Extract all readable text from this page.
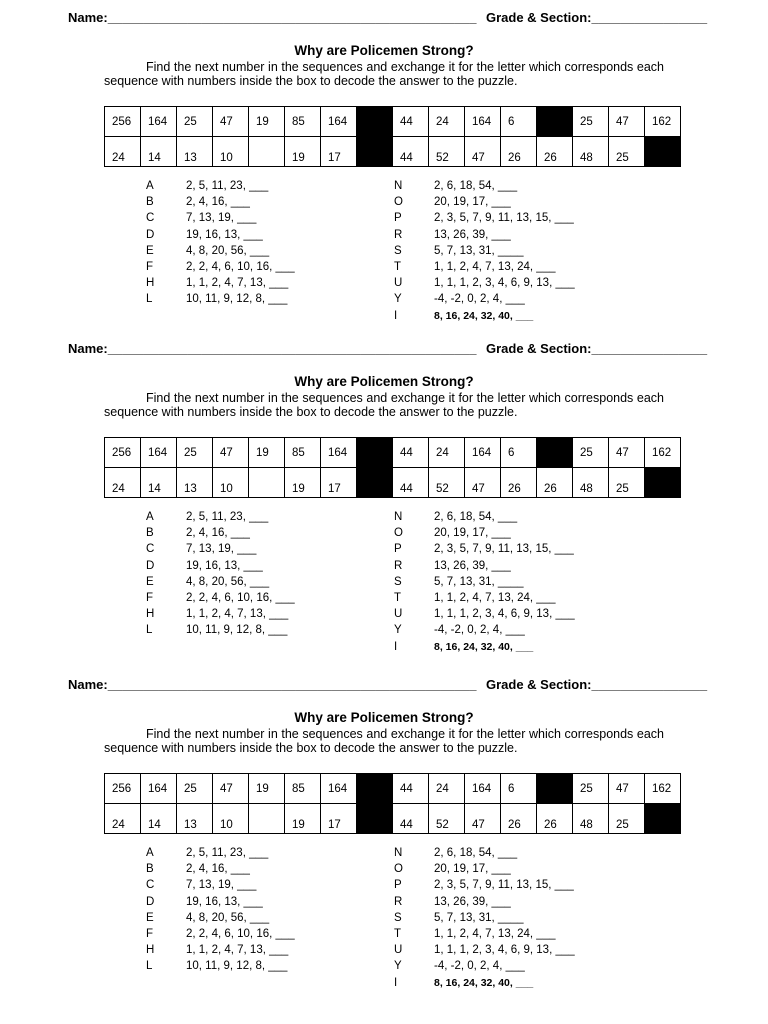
Name:___________________________________________________ Grade & Section:________________
Why are Policemen Strong?
Find the next number in the sequences and exchange it for the letter which corresponds each sequence with numbers inside the box to decode the answer to the puzzle.
256	164	25	47	19	85	164		44	24	164	6		25	47	162

24	14	13	10		19	17		44	52	47	26	26	48	25	

A	2, 5, 11, 23, ___
B	2, 4, 16, ___
C	7, 13, 19, ___
D	19, 16, 13, ___
E	4, 8, 20, 56, ___
F	2, 2, 4, 6, 10, 16, ___
H	1, 1, 2, 4, 7, 13, ___
L	10, 11, 9, 12, 8, ___
N	2, 6, 18, 54, ___
O	20, 19, 17, ___
P	2, 3, 5, 7, 9, 11, 13, 15, ___
R	13, 26, 39, ___
S	5, 7, 13, 31, ____
T	1, 1, 2, 4, 7, 13, 24, ___
U	1, 1, 1, 2, 3, 4, 6, 9, 13, ___
Y	-4, -2, 0, 2, 4, ___
I	8, 16, 24, 32, 40, ___
Name:___________________________________________________ Grade & Section:________________
Why are Policemen Strong?
Find the next number in the sequences and exchange it for the letter which corresponds each sequence with numbers inside the box to decode the answer to the puzzle.
256	164	25	47	19	85	164		44	24	164	6		25	47	162

24	14	13	10		19	17		44	52	47	26	26	48	25	

A	2, 5, 11, 23, ___
B	2, 4, 16, ___
C	7, 13, 19, ___
D	19, 16, 13, ___
E	4, 8, 20, 56, ___
F	2, 2, 4, 6, 10, 16, ___
H	1, 1, 2, 4, 7, 13, ___
L	10, 11, 9, 12, 8, ___
N	2, 6, 18, 54, ___
O	20, 19, 17, ___
P	2, 3, 5, 7, 9, 11, 13, 15, ___
R	13, 26, 39, ___
S	5, 7, 13, 31, ____
T	1, 1, 2, 4, 7, 13, 24, ___
U	1, 1, 1, 2, 3, 4, 6, 9, 13, ___
Y	-4, -2, 0, 2, 4, ___
I	8, 16, 24, 32, 40, ___
Name:___________________________________________________ Grade & Section:________________
Why are Policemen Strong?
Find the next number in the sequences and exchange it for the letter which corresponds each sequence with numbers inside the box to decode the answer to the puzzle.
256	164	25	47	19	85	164		44	24	164	6		25	47	162

24	14	13	10		19	17		44	52	47	26	26	48	25	

A	2, 5, 11, 23, ___
B	2, 4, 16, ___
C	7, 13, 19, ___
D	19, 16, 13, ___
E	4, 8, 20, 56, ___
F	2, 2, 4, 6, 10, 16, ___
H	1, 1, 2, 4, 7, 13, ___
L	10, 11, 9, 12, 8, ___
N	2, 6, 18, 54, ___
O	20, 19, 17, ___
P	2, 3, 5, 7, 9, 11, 13, 15, ___
R	13, 26, 39, ___
S	5, 7, 13, 31, ____
T	1, 1, 2, 4, 7, 13, 24, ___
U	1, 1, 1, 2, 3, 4, 6, 9, 13, ___
Y	-4, -2, 0, 2, 4, ___
I	8, 16, 24, 32, 40, ___
